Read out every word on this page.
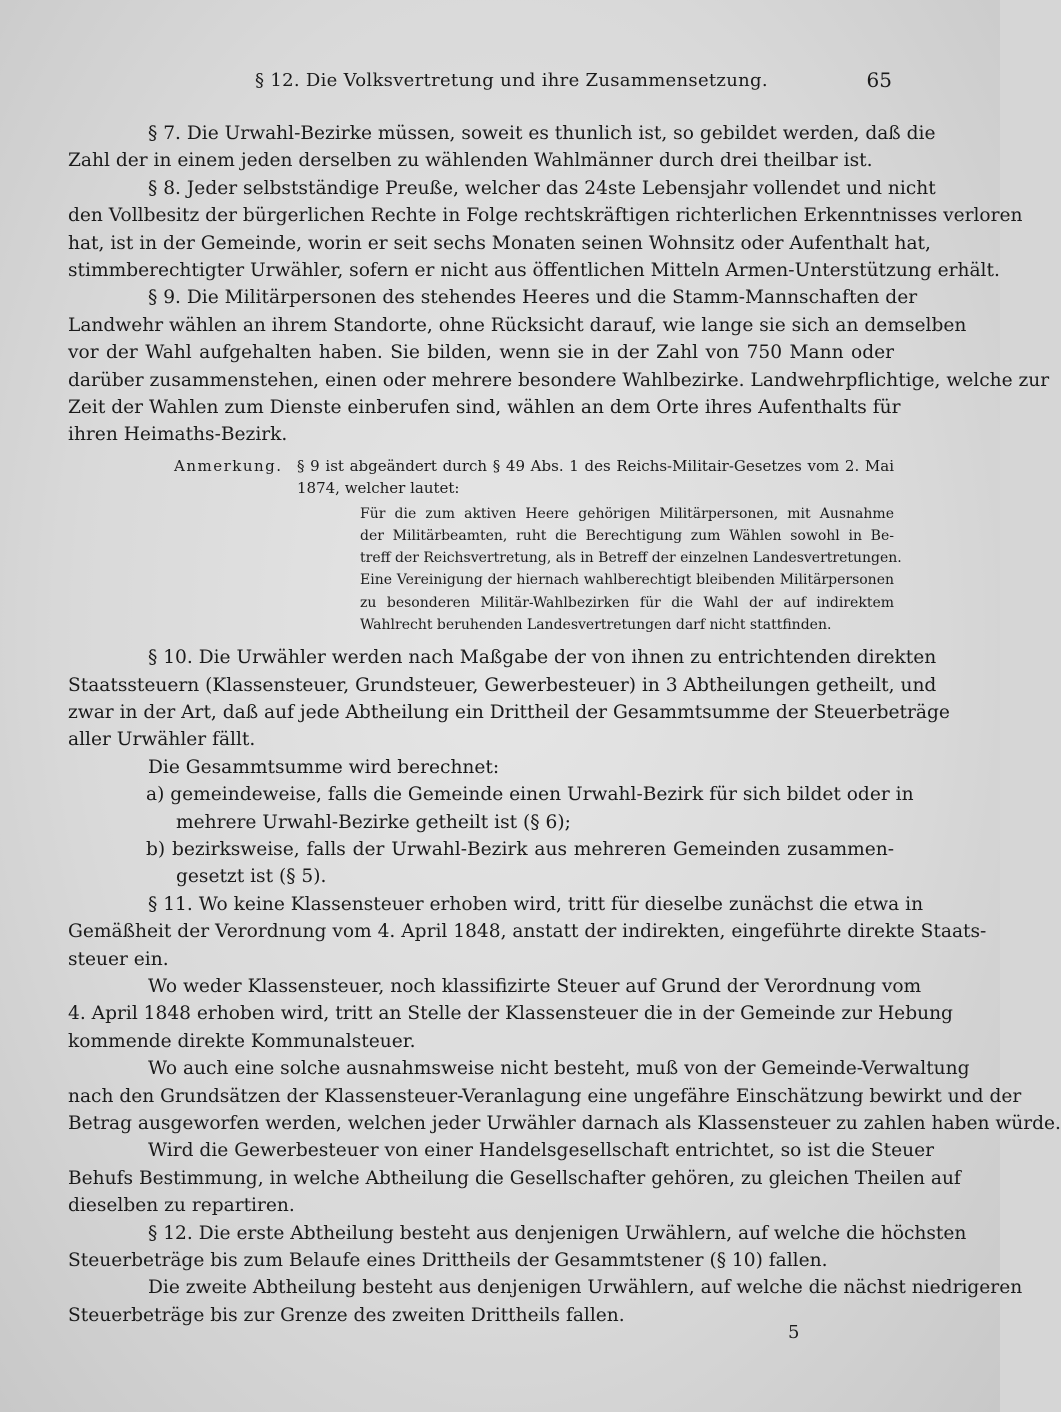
§ 12. Die Volksvertretung und ihre Zusammensetzung.	65
§ 7. Die Urwahl-Bezirke müssen, soweit es thunlich ist, so gebildet werden, daß die
Zahl der in einem jeden derselben zu wählenden Wahlmänner durch drei theilbar ist.
§ 8. Jeder selbstständige Preuße, welcher das 24ste Lebensjahr vollendet und nicht
den Vollbesitz der bürgerlichen Rechte in Folge rechtskräftigen richterlichen Erkenntnisses verloren
hat, ist in der Gemeinde, worin er seit sechs Monaten seinen Wohnsitz oder Aufenthalt hat,
stimmberechtigter Urwähler, sofern er nicht aus öffentlichen Mitteln Armen-Unterstützung erhält.
§ 9. Die Militärpersonen des stehendes Heeres und die Stamm-Mannschaften der
Landwehr wählen an ihrem Standorte, ohne Rücksicht darauf, wie lange sie sich an demselben
vor der Wahl aufgehalten haben. Sie bilden, wenn sie in der Zahl von 750 Mann oder
darüber zusammenstehen, einen oder mehrere besondere Wahlbezirke. Landwehrpflichtige, welche zur
Zeit der Wahlen zum Dienste einberufen sind, wählen an dem Orte ihres Aufenthalts für
ihren Heimaths-Bezirk.
Anmerkung. § 9 ist abgeändert durch § 49 Abs. 1 des Reichs-Militair-Gesetzes vom 2. Mai
1874, welcher lautet:
Für die zum aktiven Heere gehörigen Militärpersonen, mit Ausnahme
der Militärbeamten, ruht die Berechtigung zum Wählen sowohl in Be-
treff der Reichsvertretung, als in Betreff der einzelnen Landesvertretungen.
Eine Vereinigung der hiernach wahlberechtigt bleibenden Militärpersonen
zu besonderen Militär-Wahlbezirken für die Wahl der auf indirektem
Wahlrecht beruhenden Landesvertretungen darf nicht stattfinden.
§ 10. Die Urwähler werden nach Maßgabe der von ihnen zu entrichtenden direkten
Staatssteuern (Klassensteuer, Grundsteuer, Gewerbesteuer) in 3 Abtheilungen getheilt, und
zwar in der Art, daß auf jede Abtheilung ein Drittheil der Gesammtsumme der Steuerbeträge
aller Urwähler fällt.
Die Gesammtsumme wird berechnet:
a) gemeindeweise, falls die Gemeinde einen Urwahl-Bezirk für sich bildet oder in
mehrere Urwahl-Bezirke getheilt ist (§ 6);
b) bezirksweise, falls der Urwahl-Bezirk aus mehreren Gemeinden zusammen-
gesetzt ist (§ 5).
§ 11. Wo keine Klassensteuer erhoben wird, tritt für dieselbe zunächst die etwa in
Gemäßheit der Verordnung vom 4. April 1848, anstatt der indirekten, eingeführte direkte Staats-
steuer ein.
Wo weder Klassensteuer, noch klassifizirte Steuer auf Grund der Verordnung vom
4. April 1848 erhoben wird, tritt an Stelle der Klassensteuer die in der Gemeinde zur Hebung
kommende direkte Kommunalsteuer.
Wo auch eine solche ausnahmsweise nicht besteht, muß von der Gemeinde-Verwaltung
nach den Grundsätzen der Klassensteuer-Veranlagung eine ungefähre Einschätzung bewirkt und der
Betrag ausgeworfen werden, welchen jeder Urwähler darnach als Klassensteuer zu zahlen haben würde.
Wird die Gewerbesteuer von einer Handelsgesellschaft entrichtet, so ist die Steuer
Behufs Bestimmung, in welche Abtheilung die Gesellschafter gehören, zu gleichen Theilen auf
dieselben zu repartiren.
§ 12. Die erste Abtheilung besteht aus denjenigen Urwählern, auf welche die höchsten
Steuerbeträge bis zum Belaufe eines Drittheils der Gesammtstener (§ 10) fallen.
Die zweite Abtheilung besteht aus denjenigen Urwählern, auf welche die nächst niedrigeren
Steuerbeträge bis zur Grenze des zweiten Drittheils fallen.
5
